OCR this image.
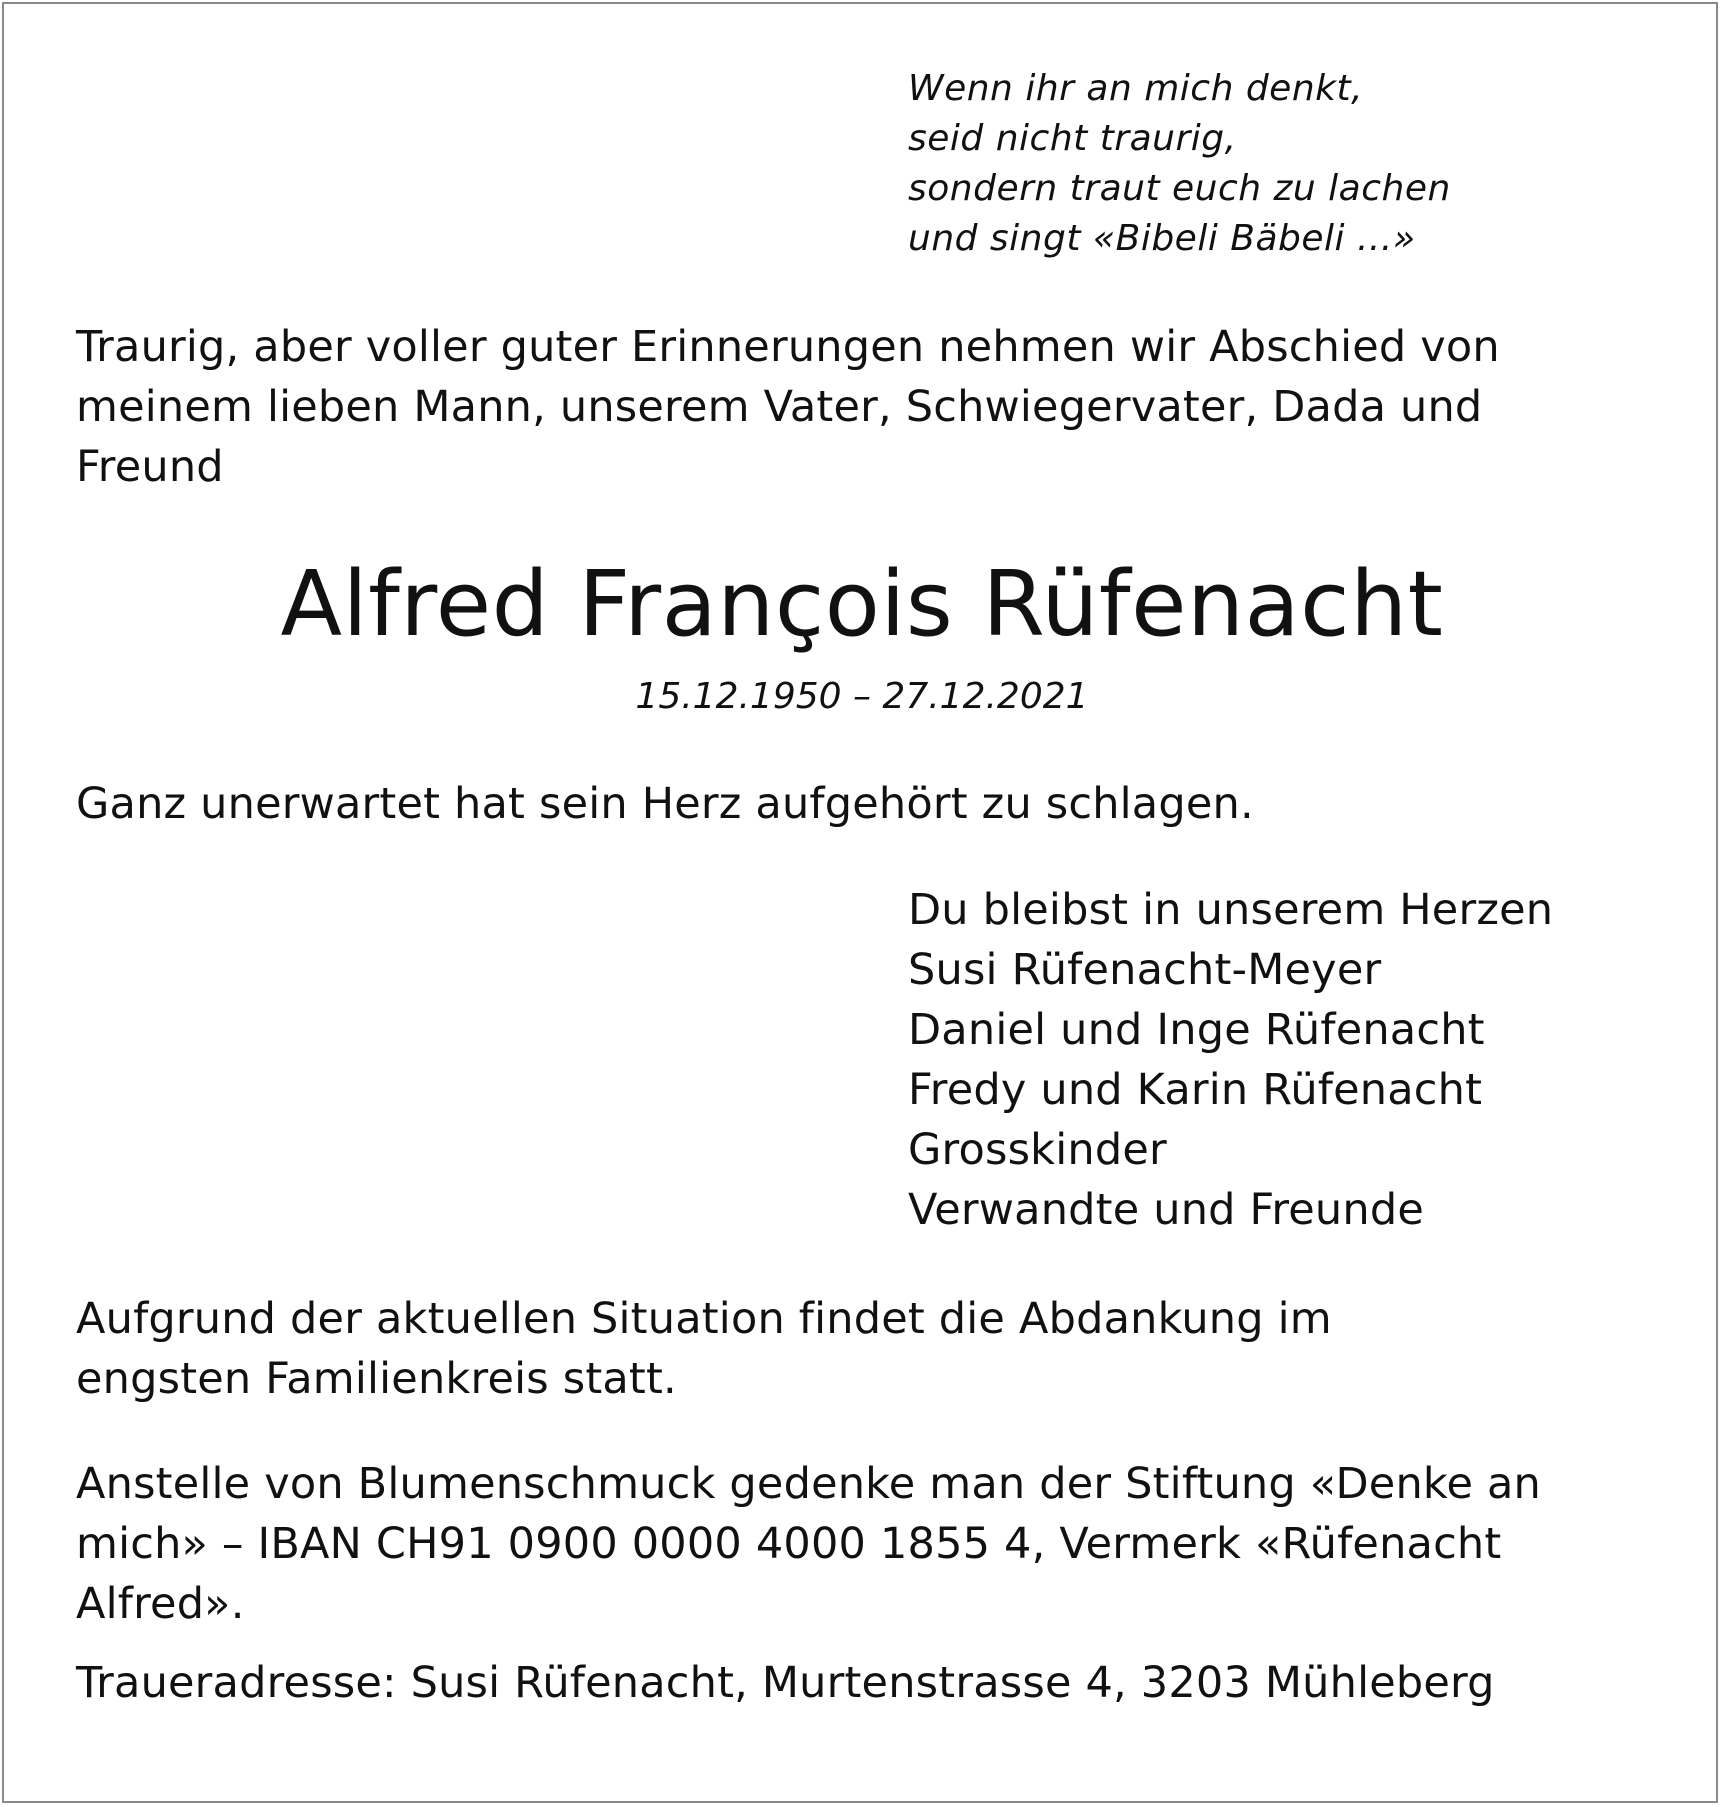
Wenn ihr an mich denkt,
seid nicht traurig,
sondern traut euch zu lachen
und singt «Bibeli Bäbeli ...»
Traurig, aber voller guter Erinnerungen nehmen wir Abschied von
meinem lieben Mann, unserem Vater, Schwiegervater, Dada und
Freund
Alfred François Rüfenacht
15.12.1950 – 27.12.2021
Ganz unerwartet hat sein Herz aufgehört zu schlagen.
Du bleibst in unserem Herzen
Susi Rüfenacht-Meyer
Daniel und Inge Rüfenacht
Fredy und Karin Rüfenacht
Grosskinder
Verwandte und Freunde
Aufgrund der aktuellen Situation findet die Abdankung im
engsten Familienkreis statt.
Anstelle von Blumenschmuck gedenke man der Stiftung «Denke an
mich» – IBAN CH91 0900 0000 4000 1855 4, Vermerk «Rüfenacht
Alfred».
Traueradresse: Susi Rüfenacht, Murtenstrasse 4, 3203 Mühleberg
